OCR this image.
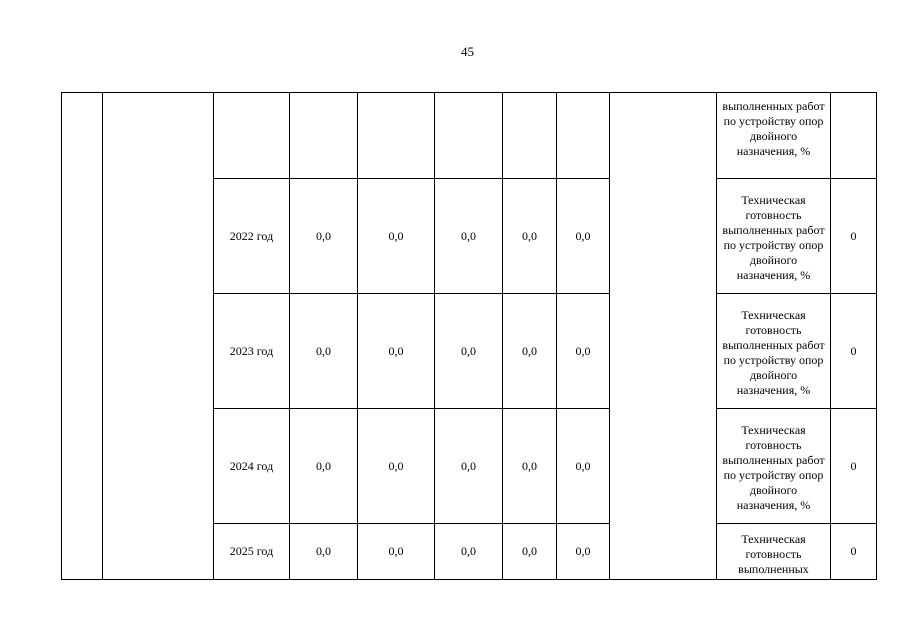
45

									выполненных работ по устройству опор двойного назначения, %	

		2022 год	0,0	0,0	0,0	0,0	0,0		Техническая готовность выполненных работ по устройству опор двойного назначения, %	0
		2023 год	0,0	0,0	0,0	0,0	0,0		Техническая готовность выполненных работ по устройству опор двойного назначения, %	0
		2024 год	0,0	0,0	0,0	0,0	0,0		Техническая готовность выполненных работ по устройству опор двойного назначения, %	0
		2025 год	0,0	0,0	0,0	0,0	0,0		Техническая готовность выполненных	0
